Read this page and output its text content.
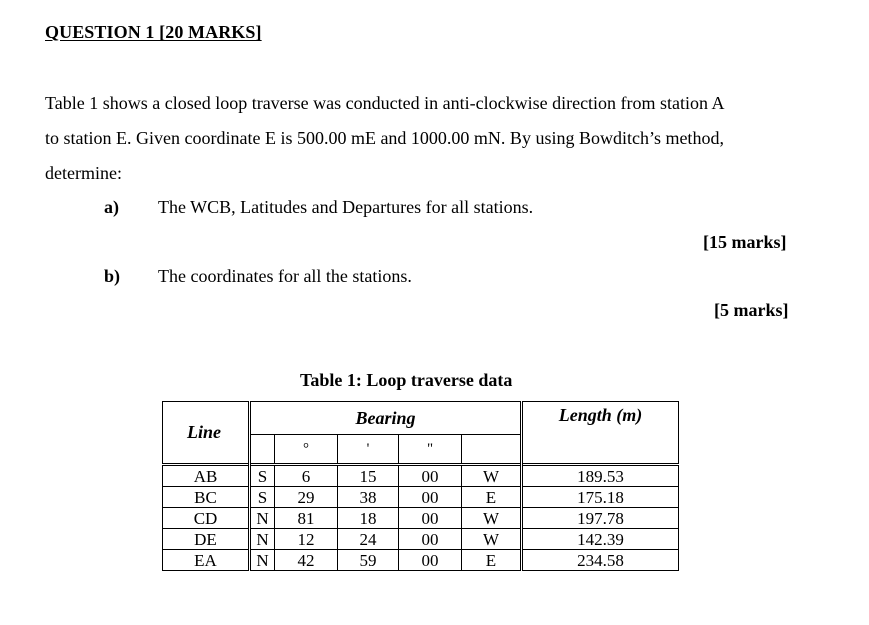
QUESTION 1 [20 MARKS]
Table 1 shows a closed loop traverse was conducted in anti-clockwise direction from station A
to station E. Given coordinate E is 500.00 mE and 1000.00 mN. By using Bowditch’s method,
determine:
a) The WCB, Latitudes and Departures for all stations.
[15 marks]
b) The coordinates for all the stations.
[5 marks]
Table 1: Loop traverse data
Line	Bearing					Length (m)
		°	'	"		
AB	S	6	15	00	W	189.53
BC	S	29	38	00	E	175.18
CD	N	81	18	00	W	197.78
DE	N	12	24	00	W	142.39
EA	N	42	59	00	E	234.58
